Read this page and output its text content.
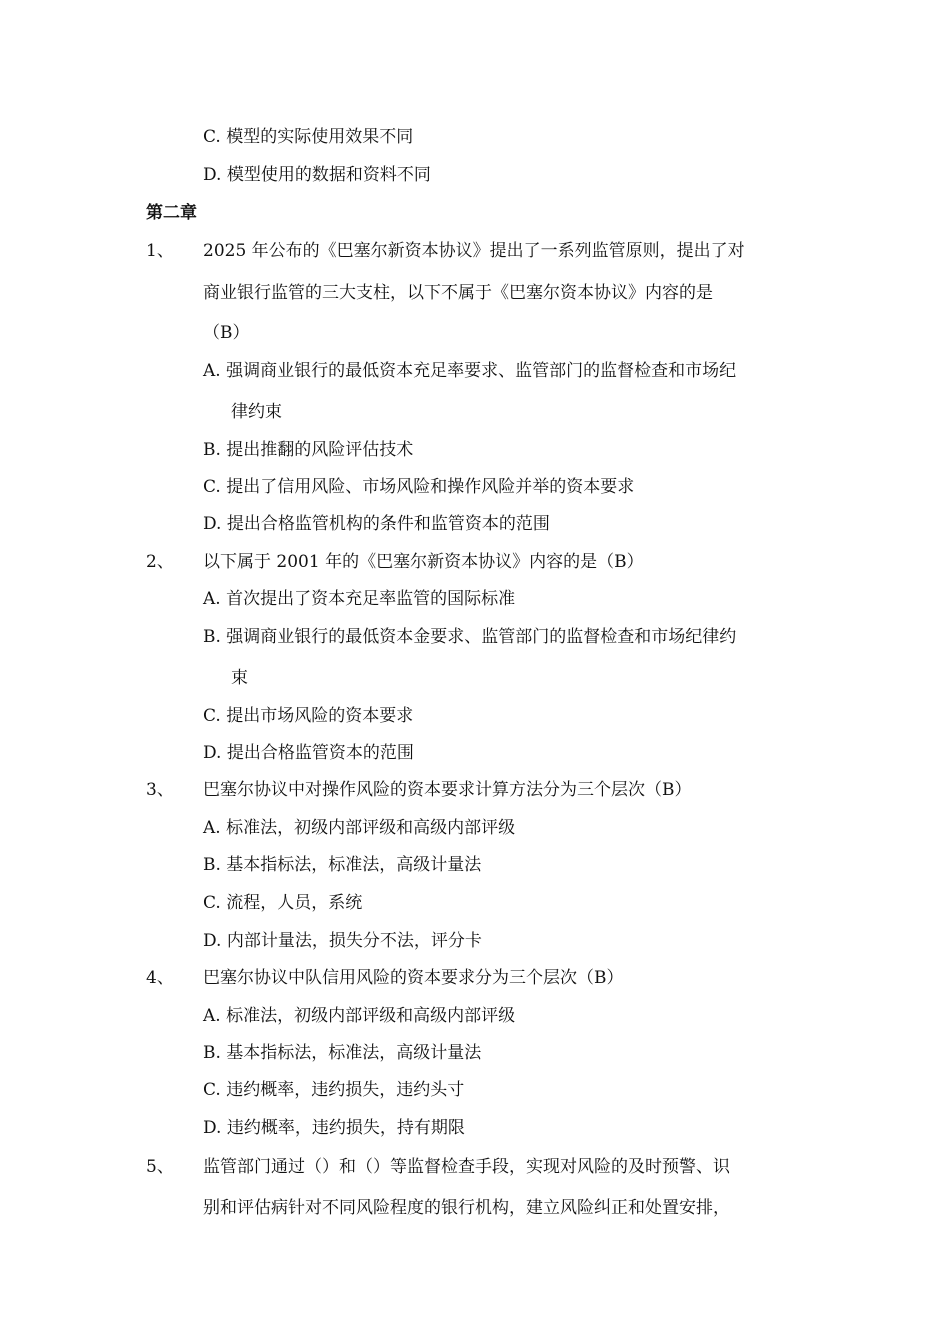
C. 模型的实际使用效果不同
D. 模型使用的数据和资料不同
第二章
1、 2025 年公布的《巴塞尔新资本协议》提出了一系列监管原则，提出了对
商业银行监管的三大支柱，以下不属于《巴塞尔资本协议》内容的是
（B）
A. 强调商业银行的最低资本充足率要求、监管部门的监督检查和市场纪
律约束
B. 提出推翻的风险评估技术
C. 提出了信用风险、市场风险和操作风险并举的资本要求
D. 提出合格监管机构的条件和监管资本的范围
2、 以下属于 2001 年的《巴塞尔新资本协议》内容的是（B）
A. 首次提出了资本充足率监管的国际标准
B. 强调商业银行的最低资本金要求、监管部门的监督检查和市场纪律约
束
C. 提出市场风险的资本要求
D. 提出合格监管资本的范围
3、 巴塞尔协议中对操作风险的资本要求计算方法分为三个层次（B）
A. 标准法，初级内部评级和高级内部评级
B. 基本指标法，标准法，高级计量法
C. 流程，人员，系统
D. 内部计量法，损失分不法，评分卡
4、 巴塞尔协议中队信用风险的资本要求分为三个层次（B）
A. 标准法，初级内部评级和高级内部评级
B. 基本指标法，标准法，高级计量法
C. 违约概率，违约损失，违约头寸
D. 违约概率，违约损失，持有期限
5、 监管部门通过（）和（）等监督检查手段，实现对风险的及时预警、识
别和评估病针对不同风险程度的银行机构，建立风险纠正和处置安排，
